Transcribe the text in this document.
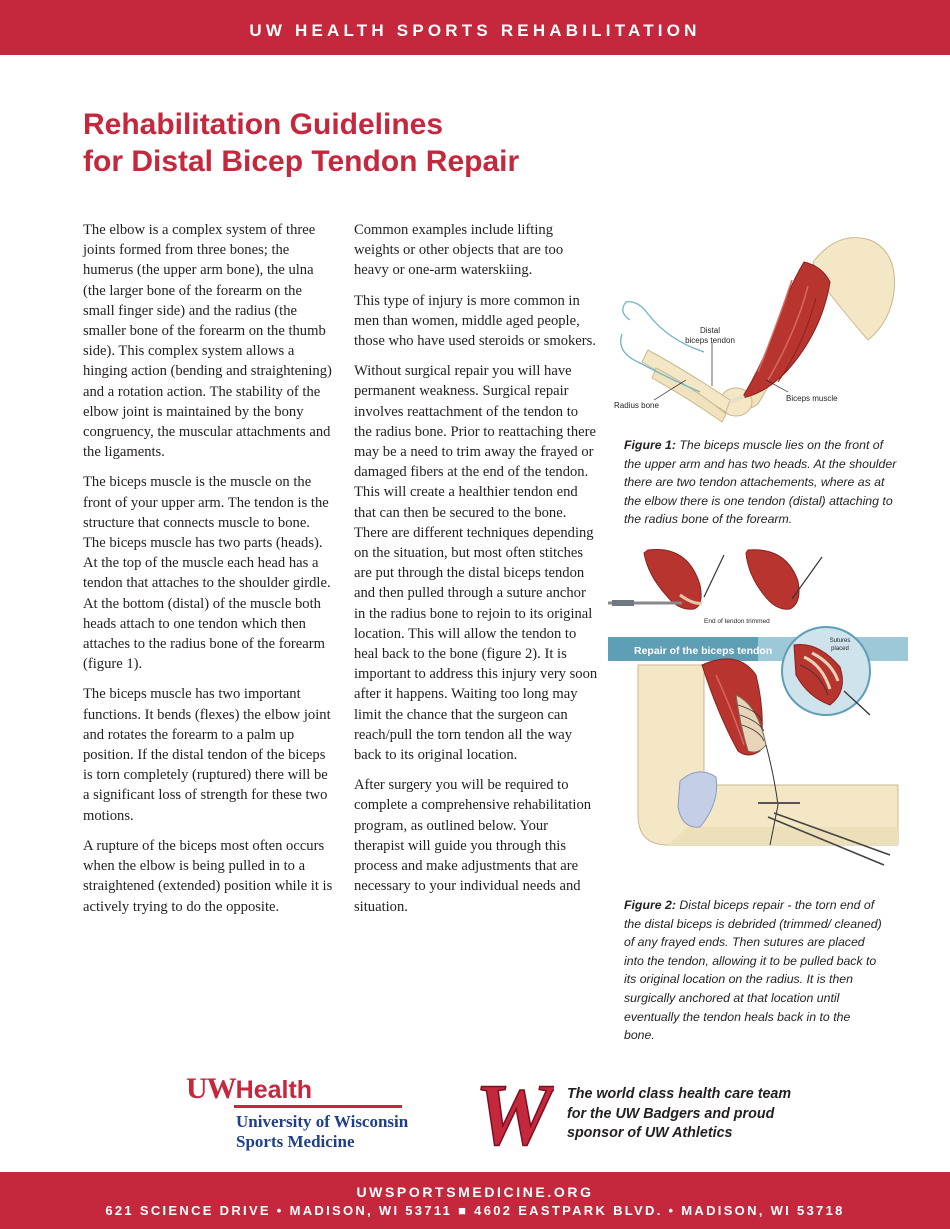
UW HEALTH SPORTS REHABILITATION
Rehabilitation Guidelines
for Distal Bicep Tendon Repair

The elbow is a complex system of three joints formed from three bones; the humerus (the upper arm bone), the ulna (the larger bone of the forearm on the small finger side) and the radius (the smaller bone of the forearm on the thumb side). This complex system allows a hinging action (bending and straightening) and a rotation action. The stability of the elbow joint is maintained by the bony congruency, the muscular attachments and the ligaments.

The biceps muscle is the muscle on the front of your upper arm. The tendon is the structure that connects muscle to bone. The biceps muscle has two parts (heads). At the top of the muscle each head has a tendon that attaches to the shoulder girdle. At the bottom (distal) of the muscle both heads attach to one tendon which then attaches to the radius bone of the forearm (figure 1).

The biceps muscle has two important functions. It bends (flexes) the elbow joint and rotates the forearm to a palm up position. If the distal tendon of the biceps is torn completely (ruptured) there will be a significant loss of strength for these two motions.

A rupture of the biceps most often occurs when the elbow is being pulled in to a straightened (extended) position while it is actively trying to do the opposite.

Common examples include lifting weights or other objects that are too heavy or one-arm waterskiing.

This type of injury is more common in men than women, middle aged people, those who have used steroids or smokers.

Without surgical repair you will have permanent weakness. Surgical repair involves reattachment of the tendon to the radius bone. Prior to reattaching there may be a need to trim away the frayed or damaged fibers at the end of the tendon. This will create a healthier tendon end that can then be secured to the bone. There are different techniques depending on the situation, but most often stitches are put through the distal biceps tendon and then pulled through a suture anchor in the radius bone to rejoin to its original location. This will allow the tendon to heal back to the bone (figure 2). It is important to address this injury very soon after it happens. Waiting too long may limit the chance that the surgeon can reach/pull the torn tendon all the way back to its original location.

After surgery you will be required to complete a comprehensive rehabilitation program, as outlined below. Your therapist will guide you through this process and make adjustments that are necessary to your individual needs and situation.

Distal
biceps tendon
Radius bone
Biceps muscle
Figure 1: The biceps muscle lies on the front of the upper arm and has two heads. At the shoulder there are two tendon attachements, where as at the elbow there is one tendon (distal) attaching to the radius bone of the forearm.
End of tendon trimmed
Repair of the biceps tendon
Sutures
placed
Figure 2: Distal biceps repair - the torn end of the distal biceps is debrided (trimmed/ cleaned) of any frayed ends. Then sutures are placed into the tendon, allowing it to be pulled back to its original location on the radius. It is then surgically anchored at that location until eventually the tendon heals back in to the bone.
UWHealth
University of Wisconsin
Sports Medicine	W The world class health care team
for the UW Badgers and proud
sponsor of UW Athletics
UWSPORTSMEDICINE.ORG
621 SCIENCE DRIVE • MADISON, WI 53711 ■ 4602 EASTPARK BLVD. • MADISON, WI 53718
